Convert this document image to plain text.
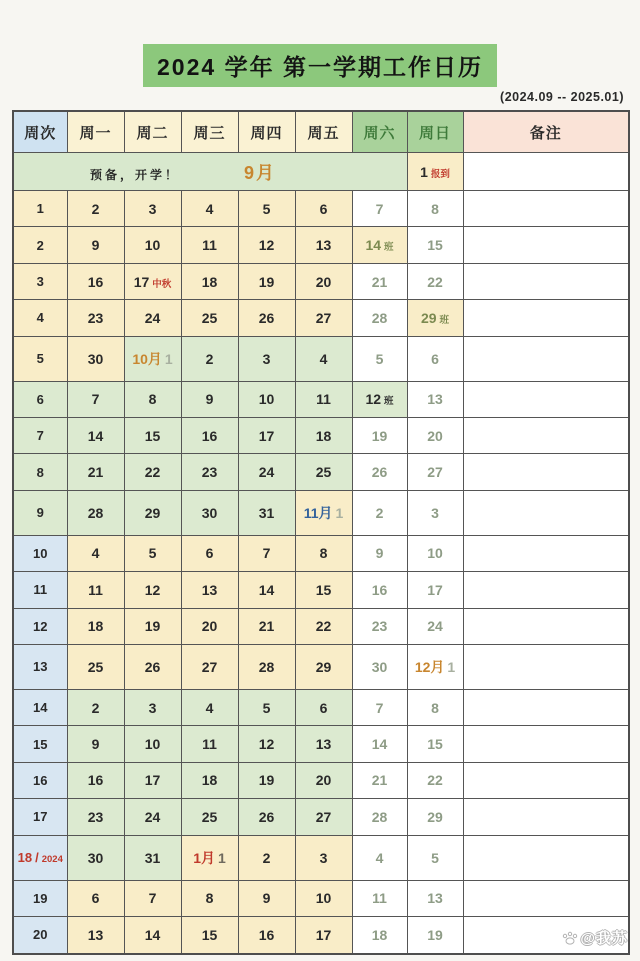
2024 学年 第一学期工作日历
(2024.09 -- 2025.01)
周次	周一	周二	周三	周四	周五	周六	周日	备注
预备，开学！ 9月							1 报到	
1	2	3	4	5	6	7	8	
2	9	10	11	12	13	14 班	15	
3	16	17 中秋	18	19	20	21	22	
4	23	24	25	26	27	28	29 班	
5	30	10月 1	2	3	4	5	6	
6	7	8	9	10	11	12 班	13	
7	14	15	16	17	18	19	20	
8	21	22	23	24	25	26	27	
9	28	29	30	31	11月 1	2	3	
10	4	5	6	7	8	9	10	
11	11	12	13	14	15	16	17	
12	18	19	20	21	22	23	24	
13	25	26	27	28	29	30	12月 1	
14	2	3	4	5	6	7	8	
15	9	10	11	12	13	14	15	
16	16	17	18	19	20	21	22	
17	23	24	25	26	27	28	29	
18 / 2024	30	31	1月 1	2	3	4	5	
19	6	7	8	9	10	11	13	
20	13	14	15	16	17	18	19		@我苏
